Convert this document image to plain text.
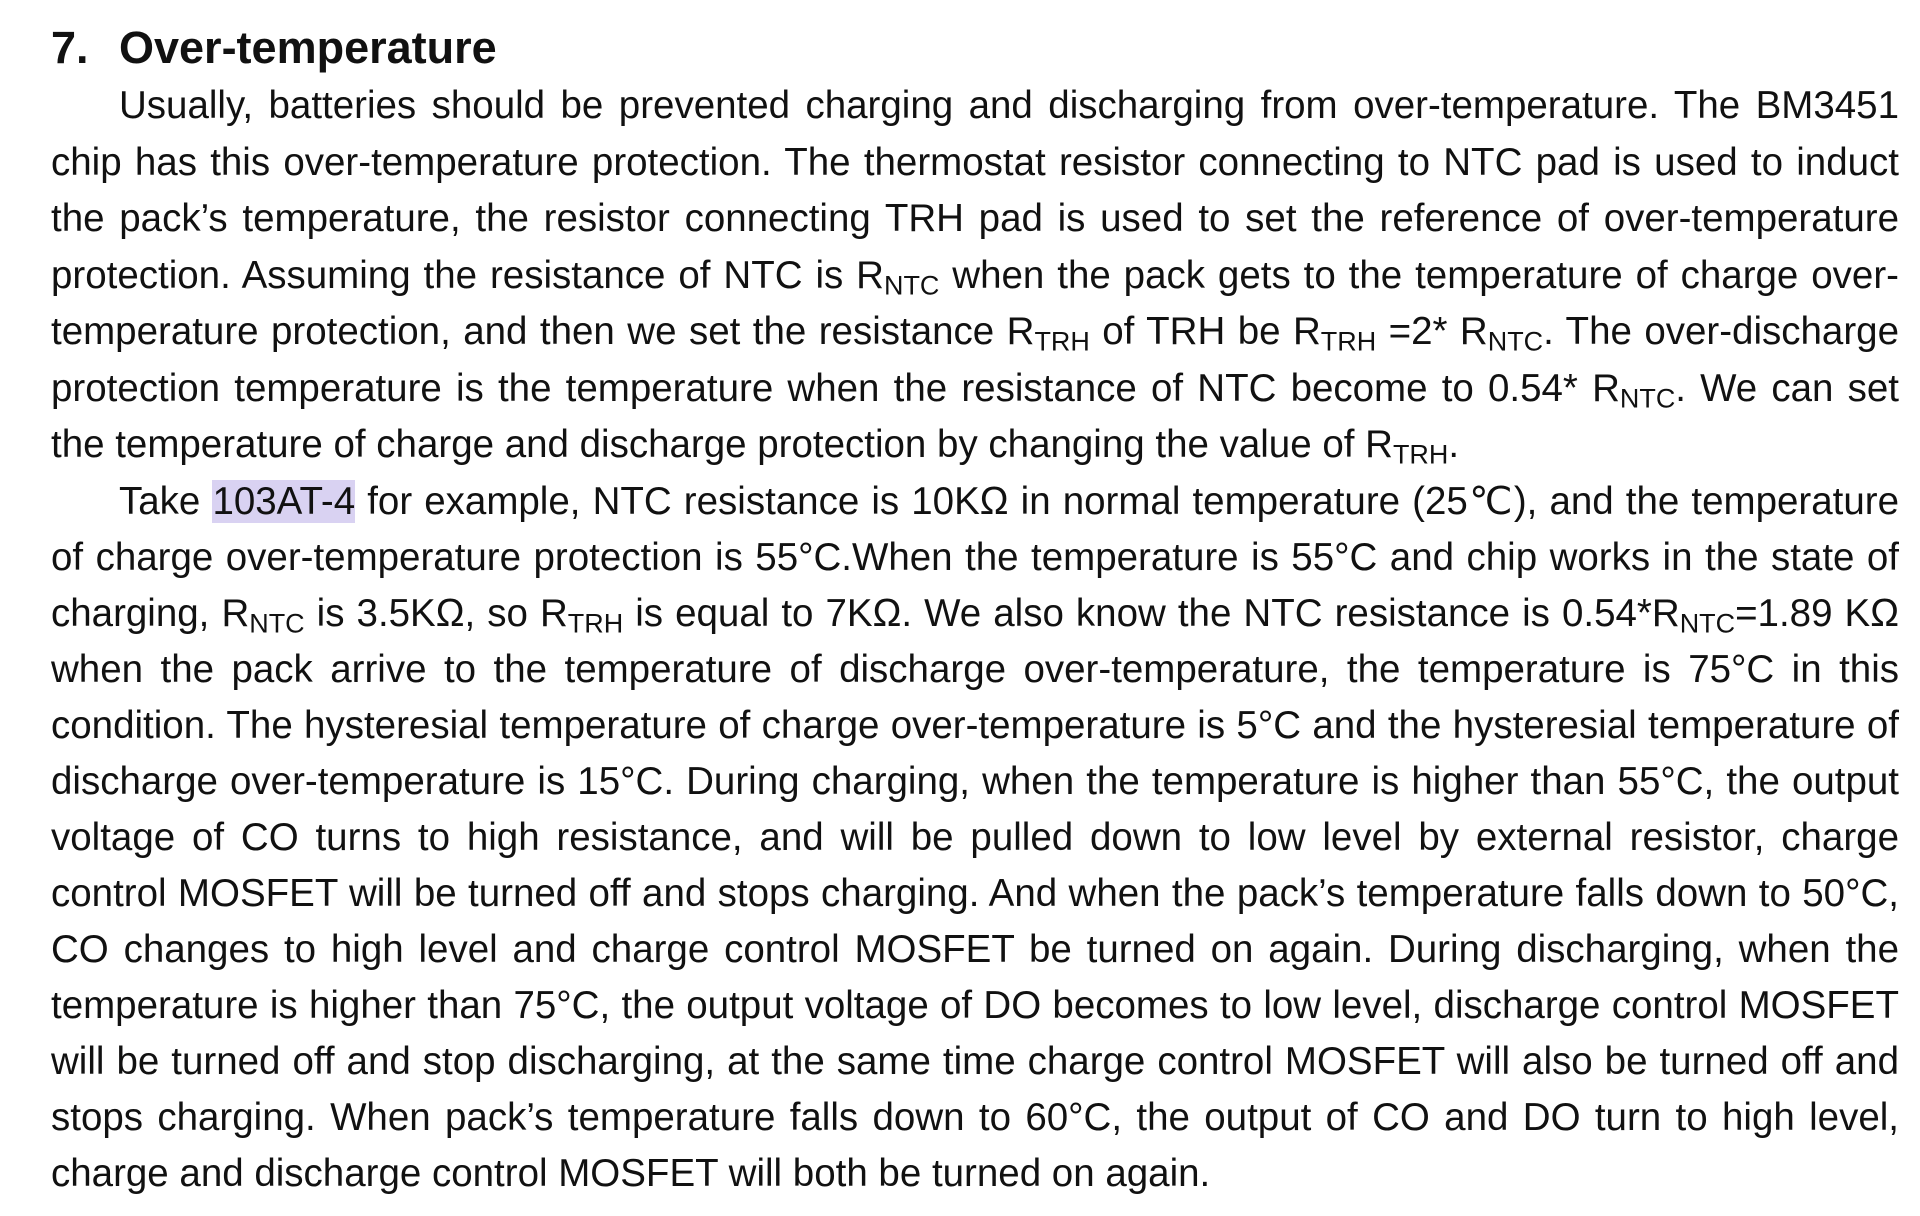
7. Over-temperature

Usually, batteries should be prevented charging and discharging from over-temperature. The BM3451 chip has this over-temperature protection. The thermostat resistor connecting to NTC pad is used to induct the pack’s temperature, the resistor connecting TRH pad is used to set the reference of over-temperature protection. Assuming the resistance of NTC is $R_{NTC}$ when the pack gets to the temperature of charge over-temperature protection, and then we set the resistance $R_{TRH}$ of TRH be $R_{TRH} =2*$ $R_{NTC}$. The over-discharge protection temperature is the temperature when the resistance of NTC become to 0.54* $R_{NTC}$. We can set the temperature of charge and discharge protection by changing the value of $R_{TRH}$.

Take 103AT-4 for example, NTC resistance is 10KΩ in normal temperature (25℃), and the temperature of charge over-temperature protection is 55°C.When the temperature is 55°C and chip works in the state of charging, $R_{NTC}$ is 3.5KΩ, so $R_{TRH}$ is equal to 7KΩ. We also know the NTC resistance is $0.54*R_{NTC}=1.89$ KΩ when the pack arrive to the temperature of discharge over-temperature, the temperature is 75°C in this condition. The hysteresial temperature of charge over-temperature is 5°C and the hysteresial temperature of discharge over-temperature is 15°C. During charging, when the temperature is higher than 55°C, the output voltage of CO turns to high resistance, and will be pulled down to low level by external resistor, charge control MOSFET will be turned off and stops charging. And when the pack’s temperature falls down to 50°C, CO changes to high level and charge control MOSFET be turned on again. During discharging, when the temperature is higher than 75°C, the output voltage of DO becomes to low level, discharge control MOSFET will be turned off and stop discharging, at the same time charge control MOSFET will also be turned off and stops charging. When pack’s temperature falls down to 60°C, the output of CO and DO turn to high level, charge and discharge control MOSFET will both be turned on again.
